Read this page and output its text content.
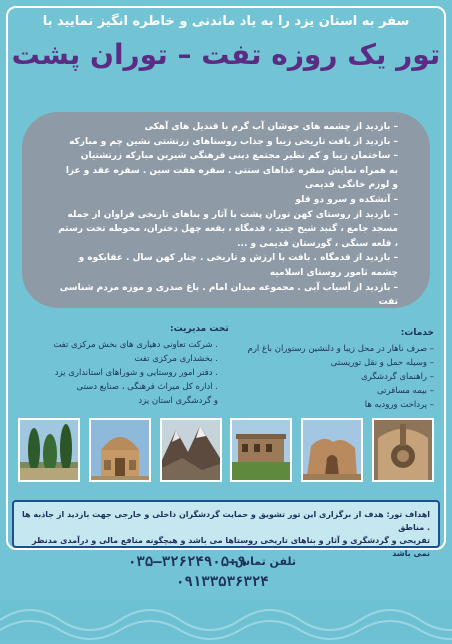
سفر به استان یزد را به یاد ماندنی و خاطره انگیز نمایید با
تور یک روزه تفت – توران پشت
– بازدید از چشمه های جوشان آب گرم با قندیل های آهکی
– بازدید از بافت تاریخی زیبا و جذاب روستاهای زرتشتی نشین چم و مبارکه
– ساختمان زیبا و کم نظیر مجتمع دینی فرهنگی شیرین مبارکه زرتشتیان
به همراه نمایش سفره غذاهای سنتی . سفره هفت سین . سفره عقد و عزا
و لوزم خانگی قدیمی
– آتشکده و سرو دو قلو
– بازدید از روستای کهن توران پشت با آثار و بناهای تاریخی فراوان از جمله
مسجد جامع ، گنبد شیخ جنید ، قدمگاه ، بقعه چهل دختران، محوطه تخت رستم
، قلعه سنگی ، گورستان قدیمی و ...
– بازدید از قدمگاه . بافت با ارزش و تاریخی . چنار کهن سال . عقابکوه و
چشمه ثامور روستای اسلامیه
– بازدید از آسیاب آبی . مجموعه میدان امام . باغ صدری و موزه مردم شناسی تفت
تحت مدیریت:
. شرکت تعاونی دهیاری های بخش مرکزی تفت
. بخشداری مرکزی تفت
. دفتر امور روستایی و شوراهای استانداری یزد
. اداره کل میراث فرهنگی ، صنایع دستی
و گردشگری استان یزد
خدمات:
– صرف ناهار در محل زیبا و دلنشین رستوران باغ ارم
– وسیله حمل و نقل توریستی
– راهنمای گردشگری
– بیمه مسافرتی
– پرداخت ورودیه ها
اهداف تور: هدف از برگزاری این تور تشویق و حمایت گردشگران داخلی و خارجی جهت بازدید از جاذبه ها . مناطق
تفریحی و گردشگری و آثار و بناهای تاریخی روستاها می باشد و هیچگونه منافع مالی و درآمدی مدنظر نمی باشد
تلفن تماس:
۰۳۵–۳۲۶۲۴۹۰۵–۹
۰۹۱۳۳۵۳۶۳۲۴
